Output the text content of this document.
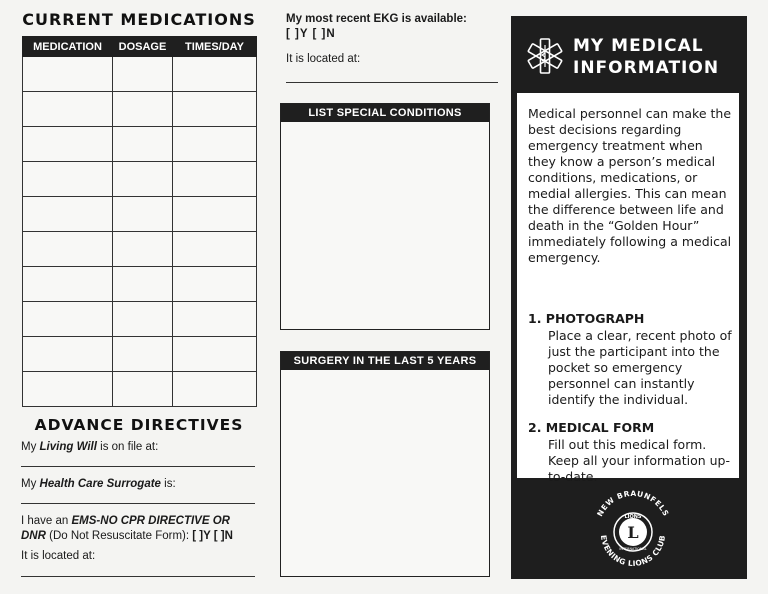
CURRENT MEDICATIONS
MEDICATION	DOSAGE	TIMES/DAY

ADVANCE DIRECTIVES
My Living Will is on file at:
My Health Care Surrogate is:
I have an EMS-NO CPR DIRECTIVE OR
DNR (Do Not Resuscitate Form): [ ]Y [ ]N
It is located at:
My most recent EKG is available:
[ ]Y [ ]N
It is located at:
LIST SPECIAL CONDITIONS
SURGERY IN THE LAST 5 YEARS
MY MEDICAL
INFORMATION
Medical personnel can make the best decisions regarding emergency treatment when they know a person’s medical conditions, medications, or medial allergies. This can mean the difference between life and death in the “Golden Hour” immediately following a medical emergency.
1. PHOTOGRAPH
Place a clear, recent photo of just the participant into the pocket so emergency personnel can instantly identify the individual.
2. MEDICAL FORM
Fill out this medical form. Keep all your information up-to-date.
NEW BRAUNFELS
EVENING LIONS CLUB
L
LIONS
INTERNATIONAL
